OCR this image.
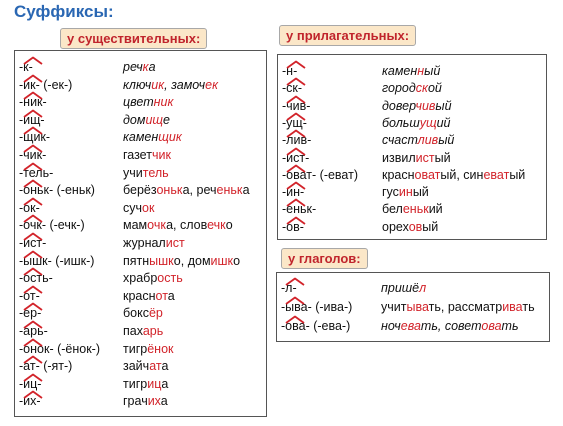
Суффиксы:
у существительных:
-к-	речка
-ик- (-ек-)	ключик, замочек
-ник-	цветник
-ищ-	домище
-щик-	каменщик
-чик-	газетчик
-тель-	учитель
-оньк- (-еньк) берёзонька, реченька
-ок-	сучок
-очк- (-ечк-)	мамочка, словечко
-ист-	журналист
-ышк- (-ишк-) пятнышко, домишко
-ость-	храбрость
-от-	краснота
-ер-	боксёр
-арь-	пахарь
-онок- (-ёнок-) тигрёнок
-ат- (-ят-)	зайчата
-иц-	тигрица
-их-	грачиха
у прилагательных:
-н-	каменный
-ск-	городской
-чив-	доверчивый
-ущ-	большущий
-лив-	счастливый
-ист-	извилистый
-оват- (-еват) красноватый, синеватый
-ин-	гусиный
-еньк-	беленький
-ов-	ореховый
у глаголов:
-л-	пришёл
-ыва- (-ива-) учитывать, рассматривать
-ова- (-ева-) ночевать, советовать
